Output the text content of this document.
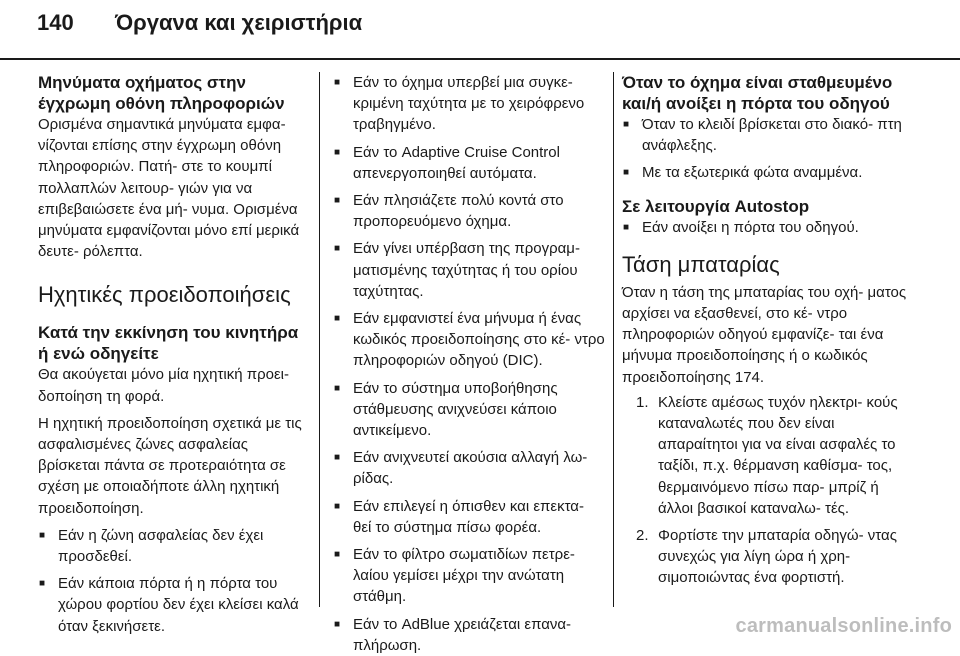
140 Όργανα και χειριστήρια
Μηνύματα οχήματος στην έγχρωμη οθόνη πληροφοριών

Ορισμένα σημαντικά μηνύματα εμφα- νίζονται επίσης στην έγχρωμη οθόνη πληροφοριών. Πατή- στε το κουμπί πολλαπλών λειτουρ- γιών για να επιβεβαιώσετε ένα μή- νυμα. Ορισμένα μηνύματα εμφανίζονται μόνο επί μερικά δευτε- ρόλεπτα.

Ηχητικές προειδοποιήσεις
Κατά την εκκίνηση του κινητήρα ή ενώ οδηγείτε

Θα ακούγεται μόνο μία ηχητική προει- δοποίηση τη φορά.

Η ηχητική προειδοποίηση σχετικά με τις ασφαλισμένες ζώνες ασφαλείας βρίσκεται πάντα σε προτεραιότητα σε σχέση με οποιαδήποτε άλλη ηχητική προειδοποίηση.

■ Εάν η ζώνη ασφαλείας δεν έχει προσδεθεί.
■ Εάν κάποια πόρτα ή η πόρτα του χώρου φορτίου δεν έχει κλείσει καλά όταν ξεκινήσετε.
■ Εάν το όχημα υπερβεί μια συγκε- κριμένη ταχύτητα με το χειρόφρενο τραβηγμένο.
■ Εάν το Adaptive Cruise Control απενεργοποιηθεί αυτόματα.
■ Εάν πλησιάζετε πολύ κοντά στο προπορευόμενο όχημα.
■ Εάν γίνει υπέρβαση της προγραμ- ματισμένης ταχύτητας ή του ορίου ταχύτητας.
■ Εάν εμφανιστεί ένα μήνυμα ή ένας κωδικός προειδοποίησης στο κέ- ντρο πληροφοριών οδηγού (DIC).
■ Εάν το σύστημα υποβοήθησης στάθμευσης ανιχνεύσει κάποιο αντικείμενο.
■ Εάν ανιχνευτεί ακούσια αλλαγή λω- ρίδας.
■ Εάν επιλεγεί η όπισθεν και επεκτα- θεί το σύστημα πίσω φορέα.
■ Εάν το φίλτρο σωματιδίων πετρε- λαίου γεμίσει μέχρι την ανώτατη στάθμη.
■ Εάν το AdBlue χρειάζεται επανα- πλήρωση.
Όταν το όχημα είναι σταθμευμένο και/ή ανοίξει η πόρτα του οδηγού
■ Όταν το κλειδί βρίσκεται στο διακό- πτη ανάφλεξης.
■ Με τα εξωτερικά φώτα αναμμένα.
Σε λειτουργία Autostop
■ Εάν ανοίξει η πόρτα του οδηγού.
Τάση μπαταρίας

Όταν η τάση της μπαταρίας του οχή- ματος αρχίσει να εξασθενεί, στο κέ- ντρο πληροφοριών οδηγού εμφανίζε- ται ένα μήνυμα προειδοποίησης ή ο κωδικός προειδοποίησης 174.

1. Κλείστε αμέσως τυχόν ηλεκτρι- κούς καταναλωτές που δεν είναι απαραίτητοι για να είναι ασφαλές το ταξίδι, π.χ. θέρμανση καθίσμα- τος, θερμαινόμενο πίσω παρ- μπρίζ ή άλλοι βασικοί καταναλω- τές.
2. Φορτίστε την μπαταρία οδηγώ- ντας συνεχώς για λίγη ώρα ή χρη- σιμοποιώντας ένα φορτιστή.
carmanualsonline.info
